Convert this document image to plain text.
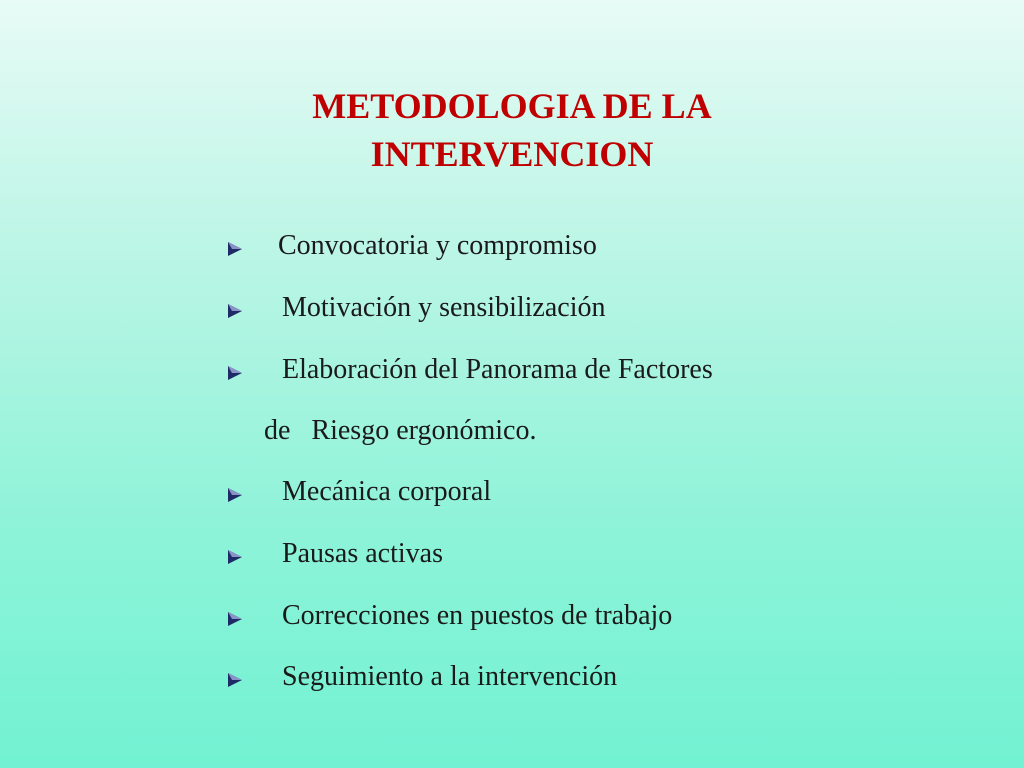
METODOLOGIA DE LA
INTERVENCION
Convocatoria y compromiso
Motivación y sensibilización
Elaboración del Panorama de Factores
de   Riesgo ergonómico.
Mecánica corporal
Pausas activas
Correcciones en puestos de trabajo
Seguimiento a la intervención
